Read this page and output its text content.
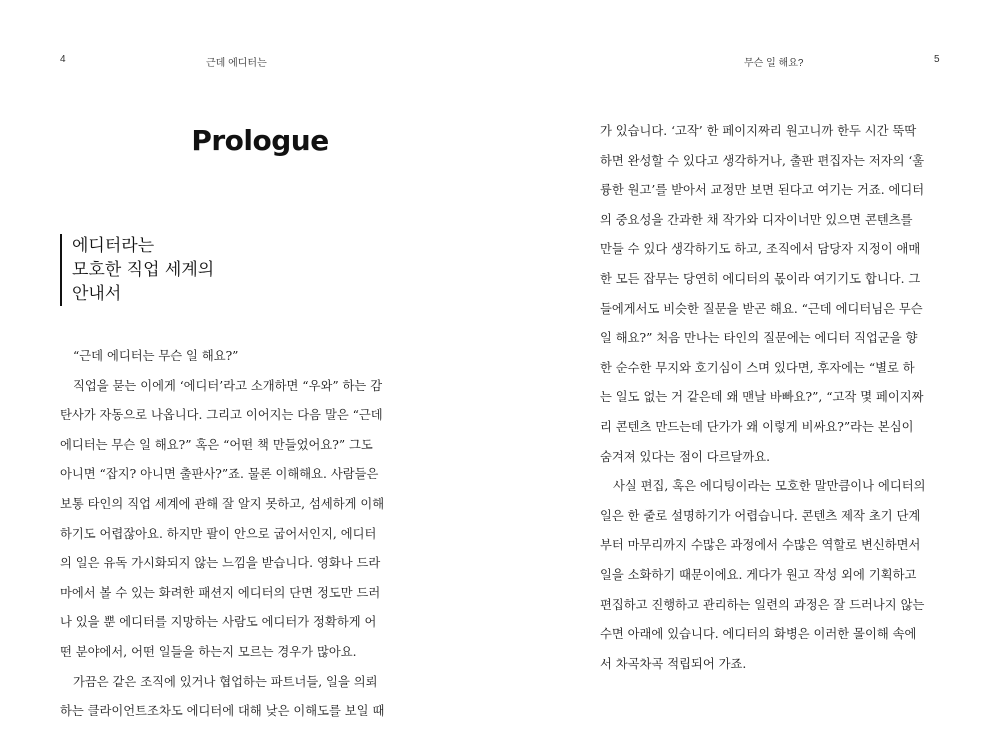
4	근데 에디터는	무슨 일 해요?	5
Prologue
에디터라는
모호한 직업 세계의
안내서
“근데 에디터는 무슨 일 해요?”
직업을 묻는 이에게 ‘에디터’라고 소개하면 “우와” 하는 감
탄사가 자동으로 나옵니다. 그리고 이어지는 다음 말은 “근데
에디터는 무슨 일 해요?” 혹은 “어떤 책 만들었어요?” 그도
아니면 “잡지? 아니면 출판사?”죠. 물론 이해해요. 사람들은
보통 타인의 직업 세계에 관해 잘 알지 못하고, 섬세하게 이해
하기도 어렵잖아요. 하지만 팔이 안으로 굽어서인지, 에디터
의 일은 유독 가시화되지 않는 느낌을 받습니다. 영화나 드라
마에서 볼 수 있는 화려한 패션지 에디터의 단면 정도만 드러
나 있을 뿐 에디터를 지망하는 사람도 에디터가 정확하게 어
떤 분야에서, 어떤 일들을 하는지 모르는 경우가 많아요.
가끔은 같은 조직에 있거나 협업하는 파트너들, 일을 의뢰
하는 클라이언트조차도 에디터에 대해 낮은 이해도를 보일 때
가 있습니다. ‘고작’ 한 페이지짜리 원고니까 한두 시간 뚝딱
하면 완성할 수 있다고 생각하거나, 출판 편집자는 저자의 ‘훌
륭한 원고’를 받아서 교정만 보면 된다고 여기는 거죠. 에디터
의 중요성을 간과한 채 작가와 디자이너만 있으면 콘텐츠를
만들 수 있다 생각하기도 하고, 조직에서 담당자 지정이 애매
한 모든 잡무는 당연히 에디터의 몫이라 여기기도 합니다. 그
들에게서도 비슷한 질문을 받곤 해요. “근데 에디터님은 무슨
일 해요?” 처음 만나는 타인의 질문에는 에디터 직업군을 향
한 순수한 무지와 호기심이 스며 있다면, 후자에는 “별로 하
는 일도 없는 거 같은데 왜 맨날 바빠요?”, “고작 몇 페이지짜
리 콘텐츠 만드는데 단가가 왜 이렇게 비싸요?”라는 본심이
숨겨져 있다는 점이 다르달까요.
사실 편집, 혹은 에디팅이라는 모호한 말만큼이나 에디터의
일은 한 줄로 설명하기가 어렵습니다. 콘텐츠 제작 초기 단계
부터 마무리까지 수많은 과정에서 수많은 역할로 변신하면서
일을 소화하기 때문이에요. 게다가 원고 작성 외에 기획하고
편집하고 진행하고 관리하는 일련의 과정은 잘 드러나지 않는
수면 아래에 있습니다. 에디터의 화병은 이러한 몰이해 속에
서 차곡차곡 적립되어 가죠.
